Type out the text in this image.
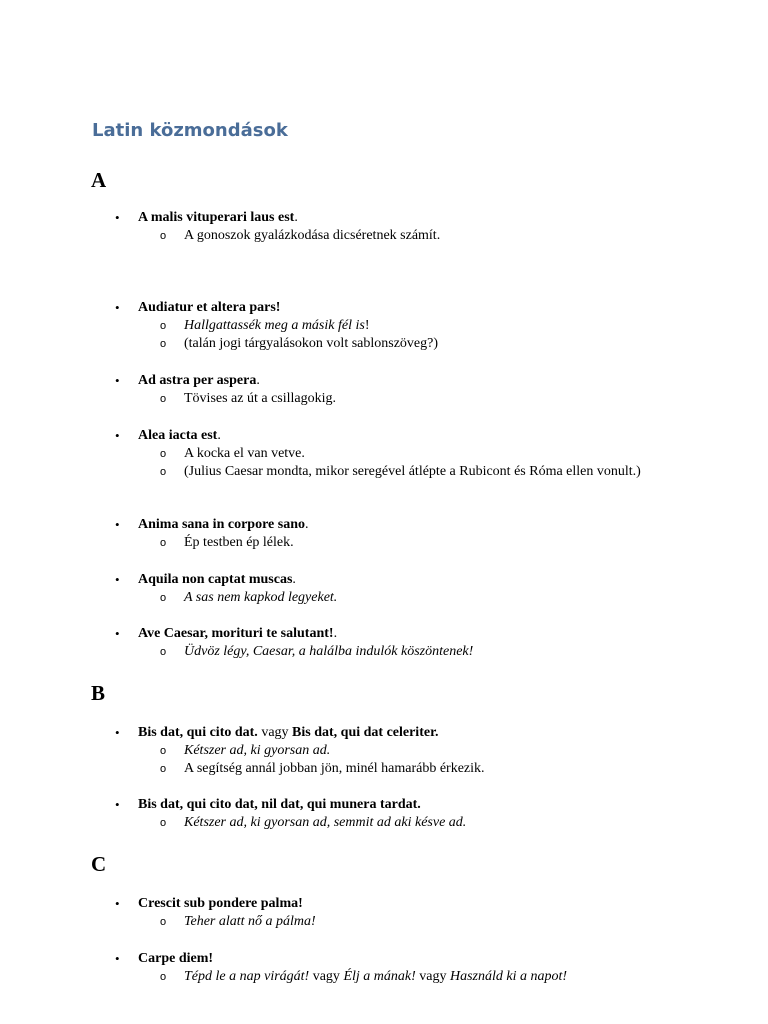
Latin közmondások
A
• A malis vituperari laus est.
o A gonoszok gyalázkodása dicséretnek számít.
• Audiatur et altera pars!
o Hallgattassék meg a másik fél is!
o (talán jogi tárgyalásokon volt sablonszöveg?)
• Ad astra per aspera.
o Tövises az út a csillagokig.
• Alea iacta est.
o A kocka el van vetve.
o (Julius Caesar mondta, mikor seregével átlépte a Rubicont és Róma ellen vonult.)
• Anima sana in corpore sano.
o Ép testben ép lélek.
• Aquila non captat muscas.
o A sas nem kapkod legyeket.
• Ave Caesar, morituri te salutant!.
o Üdvöz légy, Caesar, a halálba indulók köszöntenek!
B
• Bis dat, qui cito dat. vagy Bis dat, qui dat celeriter.
o Kétszer ad, ki gyorsan ad.
o A segítség annál jobban jön, minél hamarább érkezik.
• Bis dat, qui cito dat, nil dat, qui munera tardat.
o Kétszer ad, ki gyorsan ad, semmit ad aki késve ad.
C
• Crescit sub pondere palma!
o Teher alatt nő a pálma!
• Carpe diem!
o Tépd le a nap virágát! vagy Élj a mának! vagy Használd ki a napot!
